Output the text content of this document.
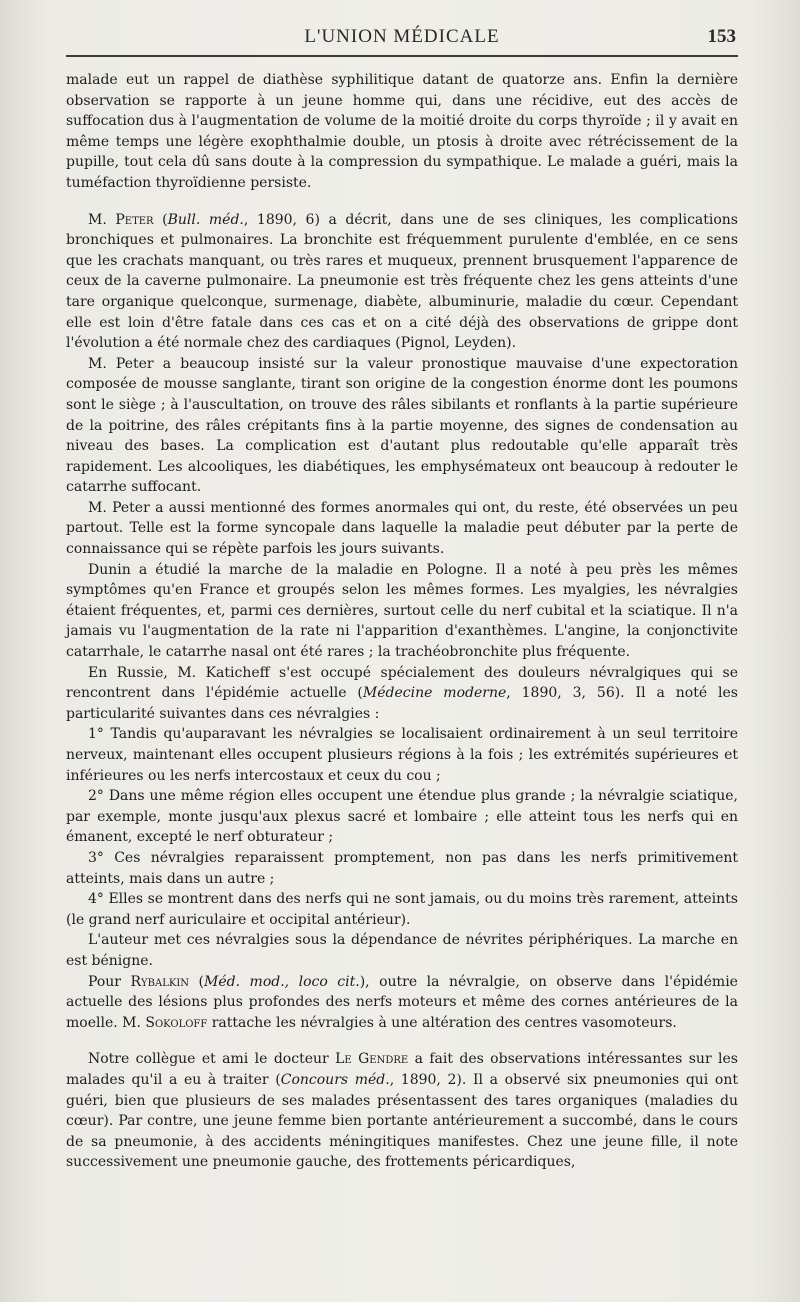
L'UNION MÉDICALE	153

malade eut un rappel de diathèse syphilitique datant de quatorze ans. Enfin la dernière observation se rapporte à un jeune homme qui, dans une récidive, eut des accès de suffocation dus à l'augmentation de volume de la moitié droite du corps thyroïde ; il y avait en même temps une légère exophthalmie double, un ptosis à droite avec rétrécissement de la pupille, tout cela dû sans doute à la compression du sympathique. Le malade a guéri, mais la tuméfaction thyroïdienne persiste.

M. Peter (Bull. méd., 1890, 6) a décrit, dans une de ses cliniques, les complications bronchiques et pulmonaires. La bronchite est fréquemment purulente d'emblée, en ce sens que les crachats manquant, ou très rares et muqueux, prennent brusquement l'apparence de ceux de la caverne pulmonaire. La pneumonie est très fréquente chez les gens atteints d'une tare organique quelconque, surmenage, diabète, albuminurie, maladie du cœur. Cependant elle est loin d'être fatale dans ces cas et on a cité déjà des observations de grippe dont l'évolution a été normale chez des cardiaques (Pignol, Leyden).

M. Peter a beaucoup insisté sur la valeur pronostique mauvaise d'une expectoration composée de mousse sanglante, tirant son origine de la congestion énorme dont les poumons sont le siège ; à l'auscultation, on trouve des râles sibilants et ronflants à la partie supérieure de la poitrine, des râles crépitants fins à la partie moyenne, des signes de condensation au niveau des bases. La complication est d'autant plus redoutable qu'elle apparaît très rapidement. Les alcooliques, les diabétiques, les emphysémateux ont beaucoup à redouter le catarrhe suffocant.

M. Peter a aussi mentionné des formes anormales qui ont, du reste, été observées un peu partout. Telle est la forme syncopale dans laquelle la maladie peut débuter par la perte de connaissance qui se répète parfois les jours suivants.

Dunin a étudié la marche de la maladie en Pologne. Il a noté à peu près les mêmes symptômes qu'en France et groupés selon les mêmes formes. Les myalgies, les névralgies étaient fréquentes, et, parmi ces dernières, surtout celle du nerf cubital et la sciatique. Il n'a jamais vu l'augmentation de la rate ni l'apparition d'exanthèmes. L'angine, la conjonctivite catarrhale, le catarrhe nasal ont été rares ; la trachéobronchite plus fréquente.

En Russie, M. Katicheff s'est occupé spécialement des douleurs névralgiques qui se rencontrent dans l'épidémie actuelle (Médecine moderne, 1890, 3, 56). Il a noté les particularité suivantes dans ces névralgies :

1° Tandis qu'auparavant les névralgies se localisaient ordinairement à un seul territoire nerveux, maintenant elles occupent plusieurs régions à la fois ; les extrémités supérieures et inférieures ou les nerfs intercostaux et ceux du cou ;

2° Dans une même région elles occupent une étendue plus grande ; la névralgie sciatique, par exemple, monte jusqu'aux plexus sacré et lombaire ; elle atteint tous les nerfs qui en émanent, excepté le nerf obturateur ;

3° Ces névralgies reparaissent promptement, non pas dans les nerfs primitivement atteints, mais dans un autre ;

4° Elles se montrent dans des nerfs qui ne sont jamais, ou du moins très rarement, atteints (le grand nerf auriculaire et occipital antérieur).

L'auteur met ces névralgies sous la dépendance de névrites périphériques. La marche en est bénigne.

Pour Rybalkin (Méd. mod., loco cit.), outre la névralgie, on observe dans l'épidémie actuelle des lésions plus profondes des nerfs moteurs et même des cornes antérieures de la moelle. M. Sokoloff rattache les névralgies à une altération des centres vasomoteurs.

Notre collègue et ami le docteur Le Gendre a fait des observations intéressantes sur les malades qu'il a eu à traiter (Concours méd., 1890, 2). Il a observé six pneumonies qui ont guéri, bien que plusieurs de ses malades présentassent des tares organiques (maladies du cœur). Par contre, une jeune femme bien portante antérieurement a succombé, dans le cours de sa pneumonie, à des accidents méningitiques manifestes. Chez une jeune fille, il note successivement une pneumonie gauche, des frottements péricardiques,
